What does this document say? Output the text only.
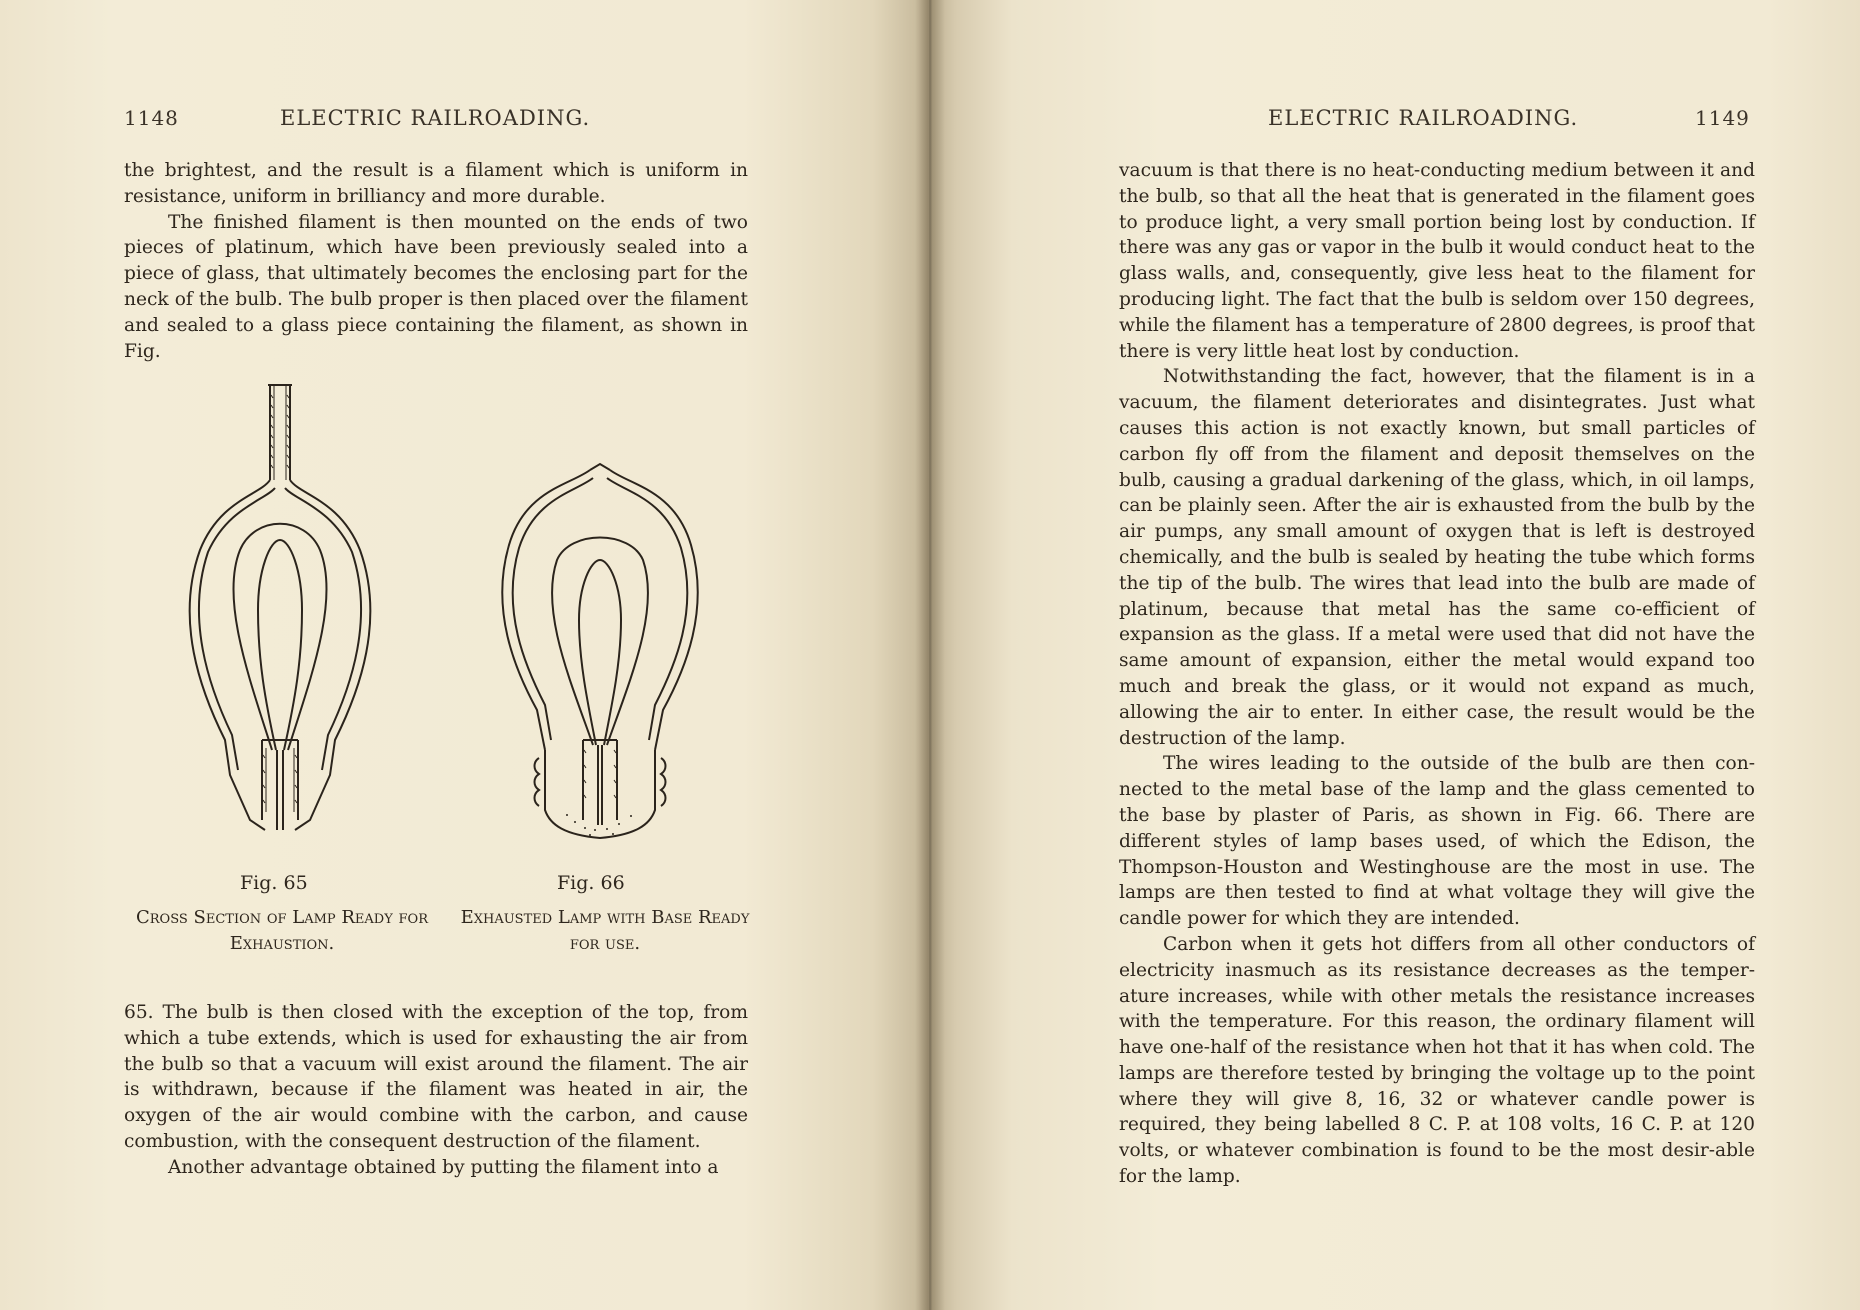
1148	ELECTRIC RAILROADING.

the brightest, and the result is a filament which is uniform in resistance, uniform in brilliancy and more durable.

The finished filament is then mounted on the ends of two pieces of platinum, which have been previously sealed into a piece of glass, that ultimately becomes the enclosing part for the neck of the bulb. The bulb proper is then placed over the filament and sealed to a glass piece containing the filament, as shown in Fig.

Fig. 65	Fig. 66
Cross Section of Lamp Ready for Exhaustion.
Exhausted Lamp with Base Ready for use.

65. The bulb is then closed with the exception of the top, from which a tube extends, which is used for exhausting the air from the bulb so that a vacuum will exist around the filament. The air is withdrawn, because if the filament was heated in air, the oxygen of the air would combine with the carbon, and cause combustion, with the consequent destruction of the filament.

Another advantage obtained by putting the filament into a

ELECTRIC RAILROADING.	1149

vacuum is that there is no heat-conducting medium between it and the bulb, so that all the heat that is generated in the filament goes to produce light, a very small portion being lost by conduction. If there was any gas or vapor in the bulb it would conduct heat to the glass walls, and, consequently, give less heat to the filament for producing light. The fact that the bulb is seldom over 150 degrees, while the filament has a temperature of 2800 degrees, is proof that there is very little heat lost by conduction.

Notwithstanding the fact, however, that the filament is in a vacuum, the filament deteriorates and disintegrates. Just what causes this action is not exactly known, but small particles of carbon fly off from the filament and deposit themselves on the bulb, causing a gradual darkening of the glass, which, in oil lamps, can be plainly seen. After the air is exhausted from the bulb by the air pumps, any small amount of oxygen that is left is destroyed chemically, and the bulb is sealed by heating the tube which forms the tip of the bulb. The wires that lead into the bulb are made of platinum, because that metal has the same co-efficient of expansion as the glass. If a metal were used that did not have the same amount of expansion, either the metal would expand too much and break the glass, or it would not expand as much, allowing the air to enter. In either case, the result would be the destruction of the lamp.

The wires leading to the outside of the bulb are then con-nected to the metal base of the lamp and the glass cemented to the base by plaster of Paris, as shown in Fig. 66. There are different styles of lamp bases used, of which the Edison, the Thompson-Houston and Westinghouse are the most in use. The lamps are then tested to find at what voltage they will give the candle power for which they are intended.

Carbon when it gets hot differs from all other conductors of electricity inasmuch as its resistance decreases as the temper-ature increases, while with other metals the resistance increases with the temperature. For this reason, the ordinary filament will have one-half of the resistance when hot that it has when cold. The lamps are therefore tested by bringing the voltage up to the point where they will give 8, 16, 32 or whatever candle power is required, they being labelled 8 C. P. at 108 volts, 16 C. P. at 120 volts, or whatever combination is found to be the most desir-able for the lamp.
